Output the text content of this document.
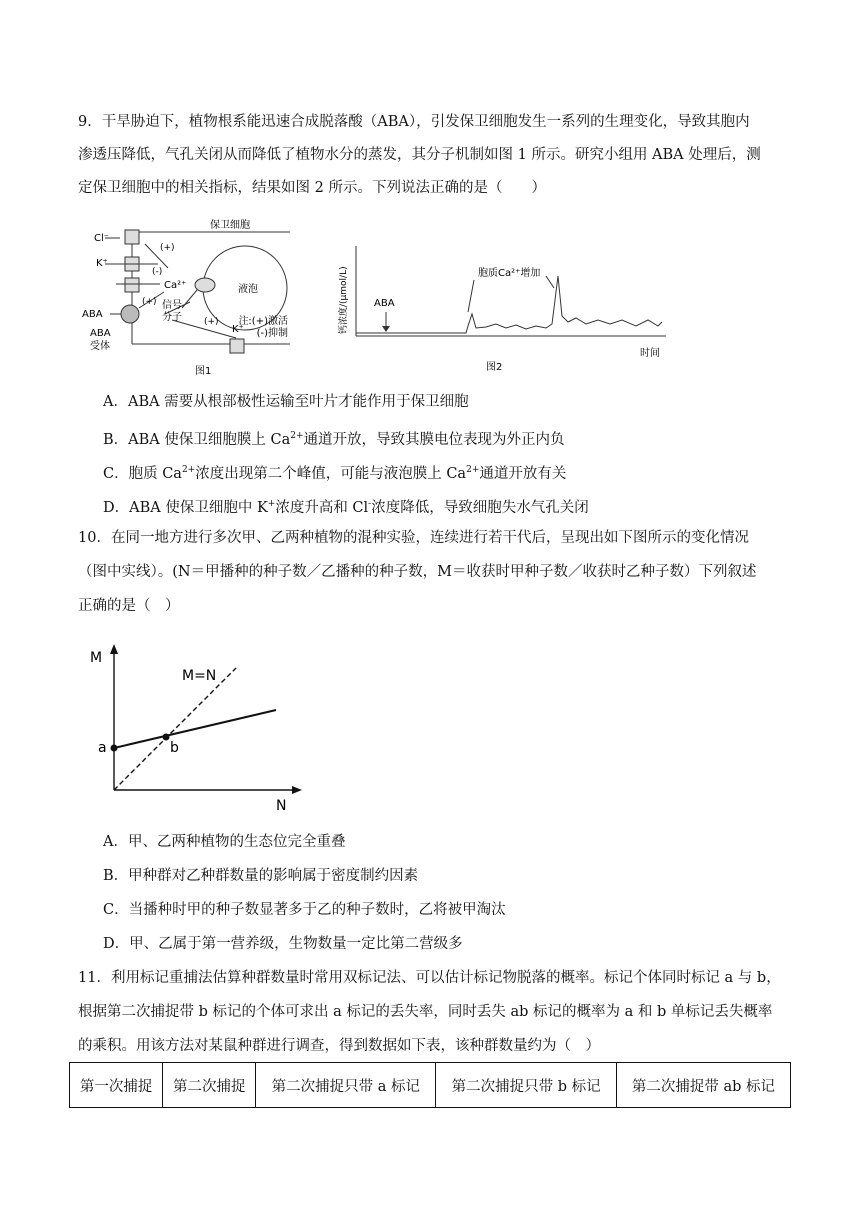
9．干旱胁迫下，植物根系能迅速合成脱落酸（ABA），引发保卫细胞发生一系列的生理变化，导致其胞内
渗透压降低，气孔关闭从而降低了植物水分的蒸发，其分子机制如图 1 所示。研究小组用 ABA 处理后，测
定保卫细胞中的相关指标，结果如图 2 所示。下列说法正确的是（　　）
保卫细胞
Cl⁻
K⁺
(+)
(-)
Ca²⁺	液泡
ABA
ABA
受体
(+) 信号
分子 (+)
K⁺
注:(+)激活
(-)抑制
图1
钙浓度/(μmol/L)	ABA
胞质Ca²⁺增加
时间
图2
A．ABA 需要从根部极性运输至叶片才能作用于保卫细胞
B．ABA 使保卫细胞膜上 $Ca^{2+}$通道开放，导致其膜电位表现为外正内负
C．胞质 $Ca^{2+}$浓度出现第二个峰值，可能与液泡膜上 $Ca^{2+}$通道开放有关
D．ABA 使保卫细胞中 K+浓度升高和 Cl-浓度降低，导致细胞失水气孔关闭
10．在同一地方进行多次甲、乙两种植物的混种实验，连续进行若干代后，呈现出如下图所示的变化情况
（图中实线）。(N＝甲播种的种子数／乙播种的种子数，M＝收获时甲种子数／收获时乙种子数）下列叙述
正确的是（　）
M
N
M=N
a	b
A．甲、乙两种植物的生态位完全重叠
B．甲种群对乙种群数量的影响属于密度制约因素
C．当播种时甲的种子数显著多于乙的种子数时，乙将被甲淘汰
D．甲、乙属于第一营养级，生物数量一定比第二营级多
11．利用标记重捕法估算种群数量时常用双标记法、可以估计标记物脱落的概率。标记个体同时标记 a 与 b，
根据第二次捕捉带 b 标记的个体可求出 a 标记的丢失率，同时丢失 ab 标记的概率为 a 和 b 单标记丢失概率
的乘积。用该方法对某鼠种群进行调查，得到数据如下表，该种群数量约为（　）
第一次捕捉	第二次捕捉	第二次捕捉只带 a 标记	第二次捕捉只带 b 标记	第二次捕捉带 ab 标记
